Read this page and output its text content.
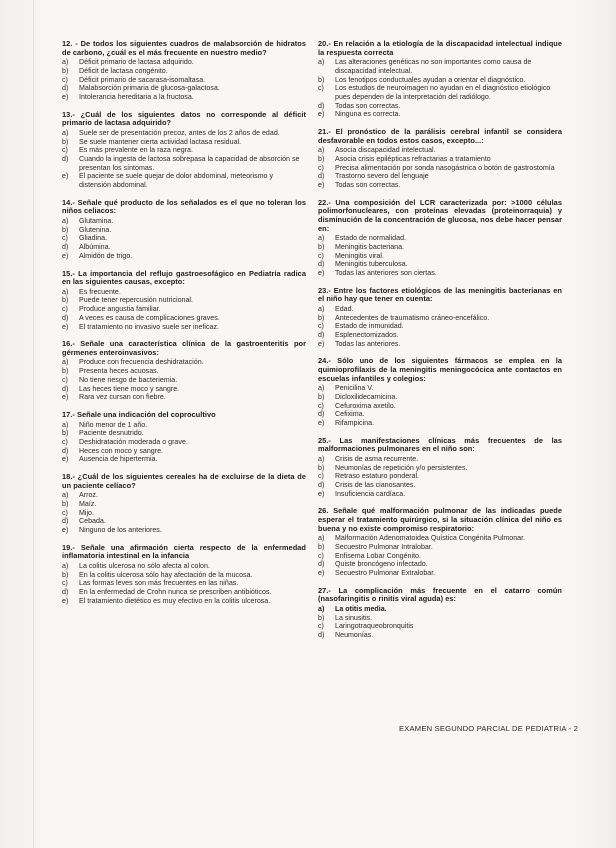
12. - De todos los siguientes cuadros de malabsorción de hidratos de carbono, ¿cuál es el más frecuente en nuestro medio?
a)	Déficit primario de lactasa adquirido.
b)	Déficit de lactasa congénito.
c)	Déficit primario de sacarasa-isomaltasa.
d)	Malabsorción primaria de glucosa-galactosa.
e)	Intolerancia hereditaria a la fructosa.
13.- ¿Cuál de los siguientes datos no corresponde al déficit primario de lactasa adquirido?
a)	Suele ser de presentación precoz, antes de los 2 años de edad.
b)	Se suele mantener cierta actividad lactasa residual.
c)	Es más prevalente en la raza negra.
d)	Cuando la ingesta de lactosa sobrepasa la capacidad de absorción se presentan los síntomas.
e)	El paciente se suele quejar de dolor abdominal, meteorismo y distensión abdominal.
14.- Señale qué producto de los señalados es el que no toleran los niños celiacos:
a)	Glutamina.
b)	Glutenina.
c)	Gliadina.
d)	Albúmina.
e)	Almidón de trigo.
15.- La importancia del reflujo gastroesofágico en Pediatría radica en las siguientes causas, excepto:
a)	Es frecuente.
b)	Puede tener repercusión nutricional.
c)	Produce angustia familiar.
d)	A veces es causa de complicaciones graves.
e)	El tratamiento no invasivo suele ser ineficaz.
16.- Señale una característica clínica de la gastroenteritis por gérmenes enteroinvasivos:
a)	Produce con frecuencia deshidratación.
b)	Presenta heces acuosas.
c)	No tiene riesgo de bacteriemia.
d)	Las heces tiene moco y sangre.
e)	Rara vez cursan con fiebre.
17.- Señale una indicación del coprocultivo
a)	Niño menor de 1 año.
b)	Paciente desnutrido.
c)	Deshidratación moderada o grave.
d)	Heces con moco y sangre.
e)	Ausencia de hipertermia.
18.- ¿Cuál de los siguientes cereales ha de excluirse de la dieta de un paciente celíaco?
a)	Arroz.
b)	Maíz.
c)	Mijo.
d)	Cebada.
e)	Ninguno de los anteriores.
19.- Señale una afirmación cierta respecto de la enfermedad inflamatoria intestinal en la infancia
a)	La colitis ulcerosa no sólo afecta al colon.
b)	En la colitis ulcerosa sólo hay afectación de la mucosa.
c)	Las formas leves son más frecuentes en las niñas.
d)	En la enfermedad de Crohn nunca se prescriben antibióticos.
e)	El tratamiento dietético es muy efectivo en la colitis ulcerosa.
20.- En relación a la etiología de la discapacidad intelectual indique la respuesta correcta
a)	Las alteraciones genéticas no son importantes como causa de discapacidad intelectual.
b)	Los fenotipos conductuales ayudan a orientar el diagnóstico.
c)	Los estudios de neuroimagen no ayudan en el diagnóstico etiológico pues dependen de la interpretación del radiólogo.
d)	Todas son correctas.
e)	Ninguna es correcta.
21.- El pronóstico de la parálisis cerebral infantil se considera desfavorable en todos estos casos, excepto...:
a)	Asocia discapacidad intelectual.
b)	Asocia crisis epilépticas refractarias a tratamiento
c)	Precisa alimentación por sonda nasogástrica o botón de gastrostomía
d)	Trastorno severo del lenguaje
e)	Todas son correctas.
22.- Una composición del LCR caracterizada por: >1000 células polimorfonucleares, con proteínas elevadas (proteinorraquia) y disminución de la concentración de glucosa, nos debe hacer pensar en:
a)	Estado de normalidad.
b)	Meningitis bacteriana.
c)	Meningitis viral.
d)	Meningitis tuberculosa.
e)	Todas las anteriores son ciertas.
23.- Entre los factores etiológicos de las meningitis bacterianas en el niño hay que tener en cuenta:
a)	Edad.
b)	Antecedentes de traumatismo cráneo-encefálico.
c)	Estado de inmunidad.
d)	Esplenectomizados.
e)	Todas las anteriores.
24.- Sólo uno de los siguientes fármacos se emplea en la quimioprofilaxis de la meningitis meningocócica ante contactos en escuelas infantiles y colegios:
a)	Penicilina V.
b)	Dicloxilidecarnicina.
c)	Cefuroxima axetilo.
d)	Cefixima.
e)	Rifampicina.
25.- Las manifestaciones clínicas más frecuentes de las malformaciones pulmonares en el niño son:
a)	Crisis de asma recurrente.
b)	Neumonías de repetición y/o persistentes.
c)	Retraso estaturo ponderal.
d)	Crisis de las cianosantes.
e)	Insuficiencia cardíaca.
26. Señale qué malformación pulmonar de las indicadas puede esperar el tratamiento quirúrgico, si la situación clínica del niño es buena y no existe compromiso respiratorio:
a)	Malformación Adenomatoidea Quística Congénita Pulmonar.
b)	Secuestro Pulmonar Intralobar.
c)	Enfisema Lobar Congénito.
d)	Quiste broncógeno infectado.
e)	Secuestro Pulmonar Extralobar.
27.- La complicación más frecuente en el catarro común (nasofaringitis o rinitis viral aguda) es:
a)	La otitis media.
b)	La sinusitis.
c)	Laringotraqueobronquitis
d)	Neumonías.
EXAMEN SEGUNDO PARCIAL DE PEDIATRIA - 2
